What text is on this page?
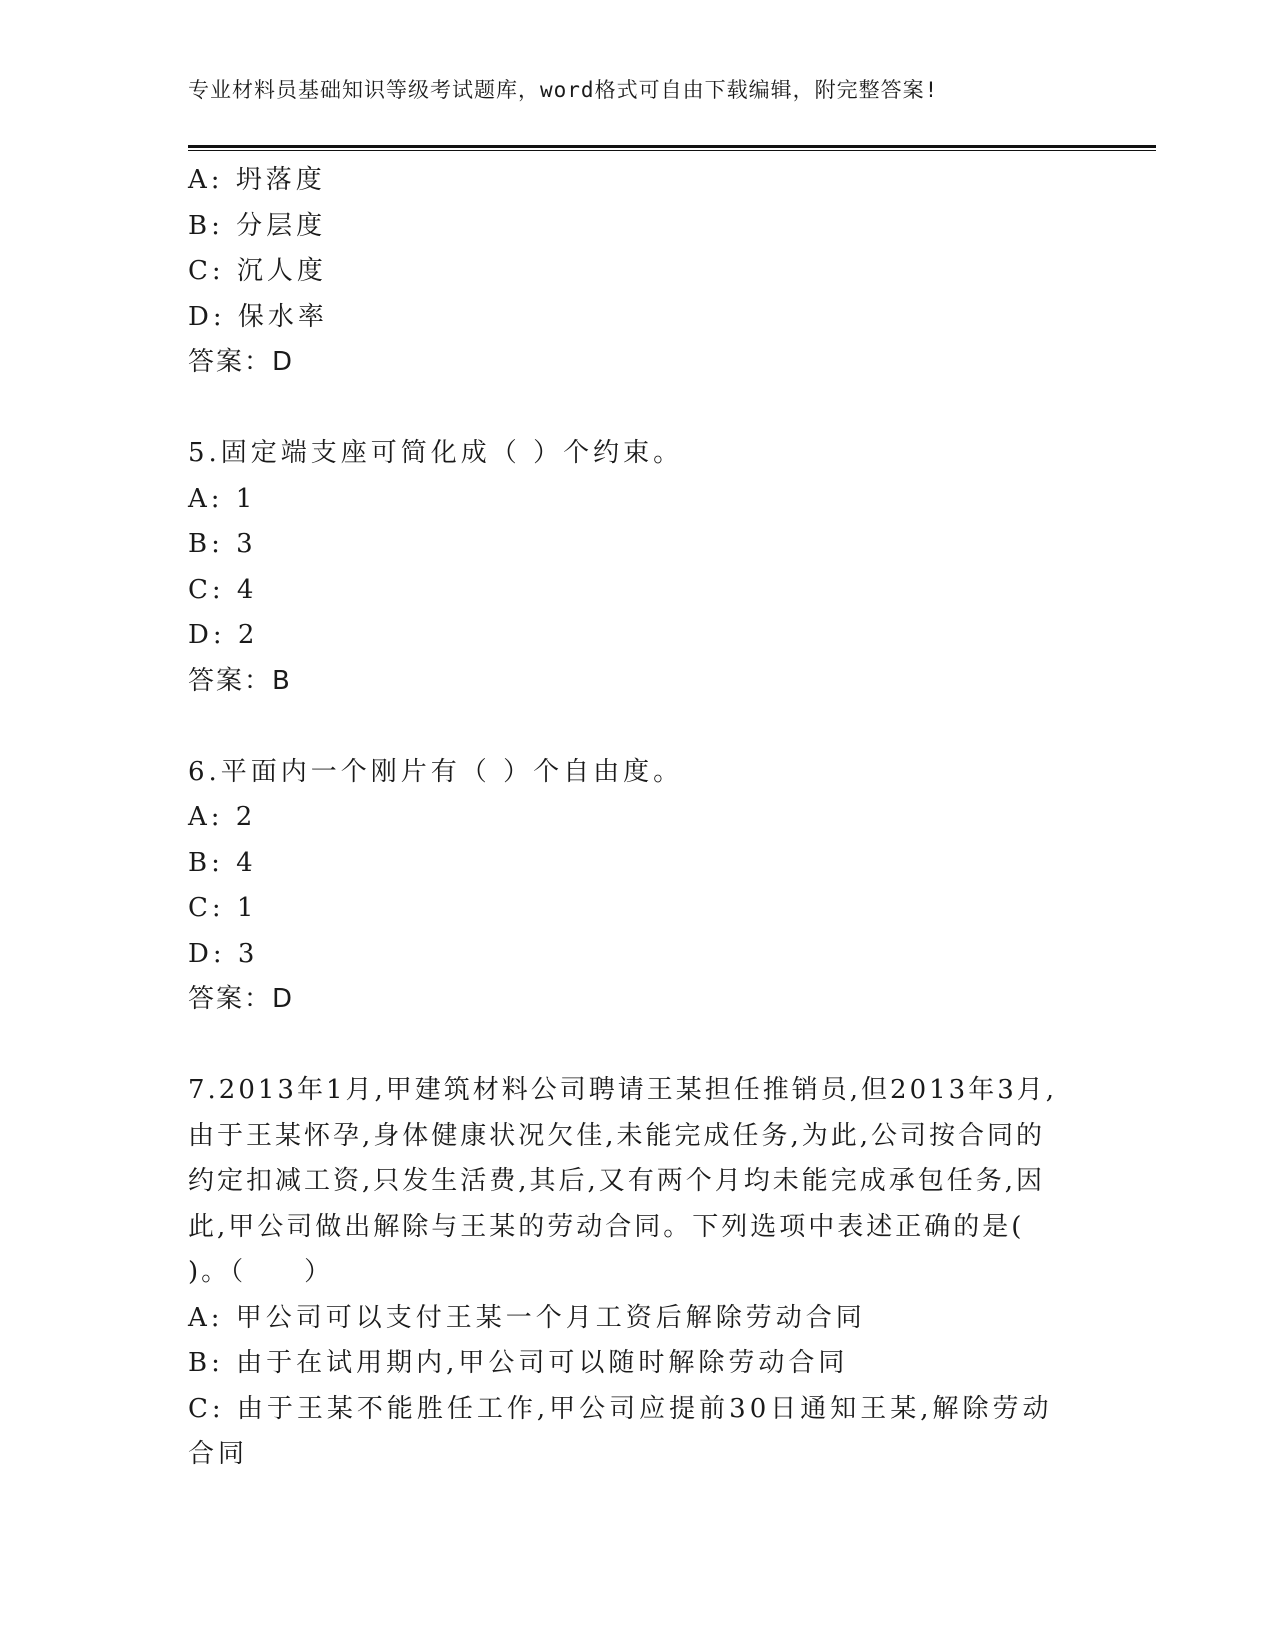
专业材料员基础知识等级考试题库，word格式可自由下载编辑，附完整答案!
A: 坍落度
B: 分层度
C: 沉人度
D: 保水率
答案：D
5.固定端支座可简化成（ ）个约束。
A: 1
B: 3
C: 4
D: 2
答案：B
6.平面内一个刚片有（ ）个自由度。
A: 2
B: 4
C: 1
D: 3
答案：D
7.2013年1月,甲建筑材料公司聘请王某担任推销员,但2013年3月,由于王某怀孕,身体健康状况欠佳,未能完成任务,为此,公司按合同的约定扣减工资,只发生活费,其后,又有两个月均未能完成承包任务,因此,甲公司做出解除与王某的劳动合同。下列选项中表述正确的是( )。（　　）
A: 甲公司可以支付王某一个月工资后解除劳动合同
B: 由于在试用期内,甲公司可以随时解除劳动合同
C: 由于王某不能胜任工作,甲公司应提前30日通知王某,解除劳动合同
